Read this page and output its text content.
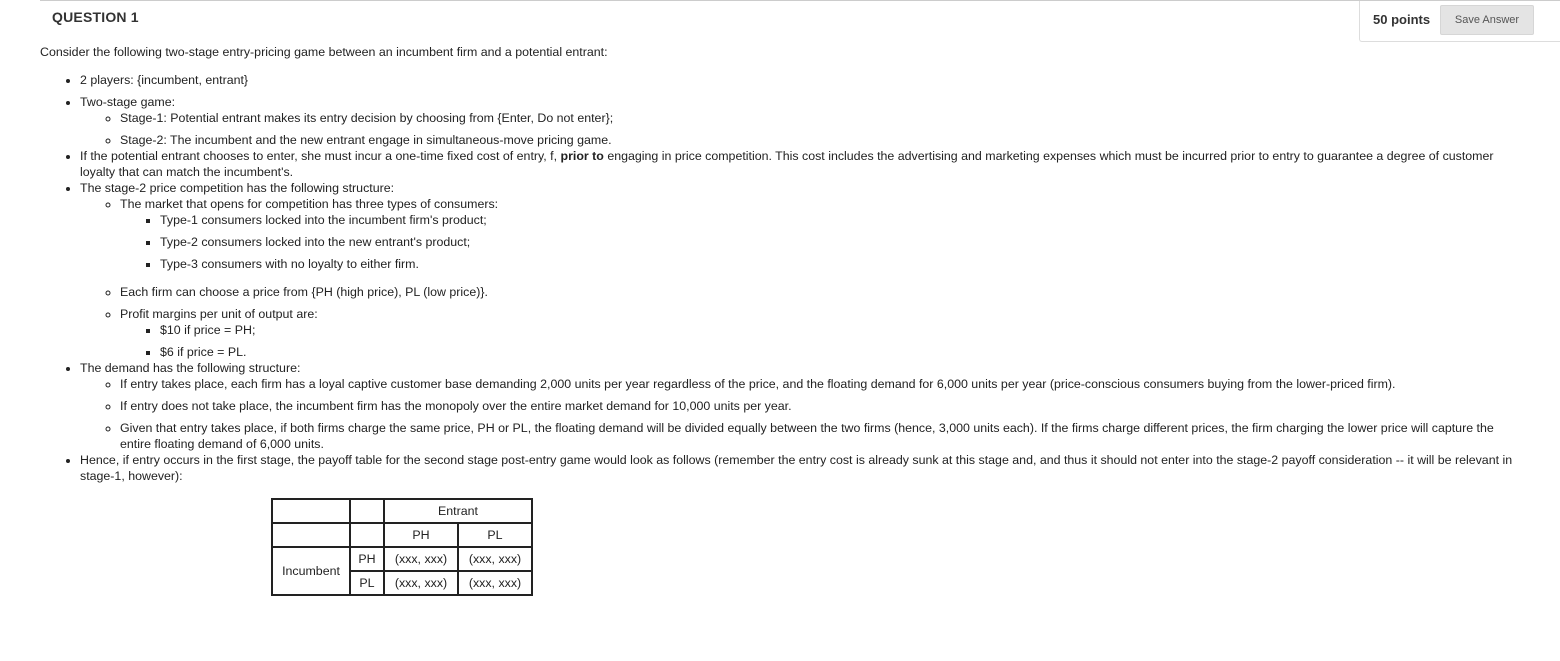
QUESTION 1	50 points	Save Answer

Consider the following two-stage entry-pricing game between an incumbent firm and a potential entrant:

• 2 players: {incumbent, entrant}
• Two-stage game:
◦ Stage-1: Potential entrant makes its entry decision by choosing from {Enter, Do not enter};
◦ Stage-2: The incumbent and the new entrant engage in simultaneous-move pricing game.
• If the potential entrant chooses to enter, she must incur a one-time fixed cost of entry, f, prior to engaging in price competition. This cost includes the advertising and marketing expenses which must be incurred prior to entry to guarantee a degree of customer loyalty that can match the incumbent's.
• The stage-2 price competition has the following structure:
◦ The market that opens for competition has three types of consumers:
▪ Type-1 consumers locked into the incumbent firm's product;
▪ Type-2 consumers locked into the new entrant's product;
▪ Type-3 consumers with no loyalty to either firm.
◦ Each firm can choose a price from {PH (high price), PL (low price)}.
◦ Profit margins per unit of output are:
▪ $10 if price = PH;
▪ $6 if price = PL.
• The demand has the following structure:
◦ If entry takes place, each firm has a loyal captive customer base demanding 2,000 units per year regardless of the price, and the floating demand for 6,000 units per year (price-conscious consumers buying from the lower-priced firm).
◦ If entry does not take place, the incumbent firm has the monopoly over the entire market demand for 10,000 units per year.
◦ Given that entry takes place, if both firms charge the same price, PH or PL, the floating demand will be divided equally between the two firms (hence, 3,000 units each). If the firms charge different prices, the firm charging the lower price will capture the entire floating demand of 6,000 units.
• Hence, if entry occurs in the first stage, the payoff table for the second stage post-entry game would look as follows (remember the entry cost is already sunk at this stage and, and thus it should not enter into the stage-2 payoff consideration -- it will be relevant in stage-1, however):
		Entrant	
		PH	PL
Incumbent	PH	(xxx, xxx)	(xxx, xxx)
	PL	(xxx, xxx)	(xxx, xxx)
